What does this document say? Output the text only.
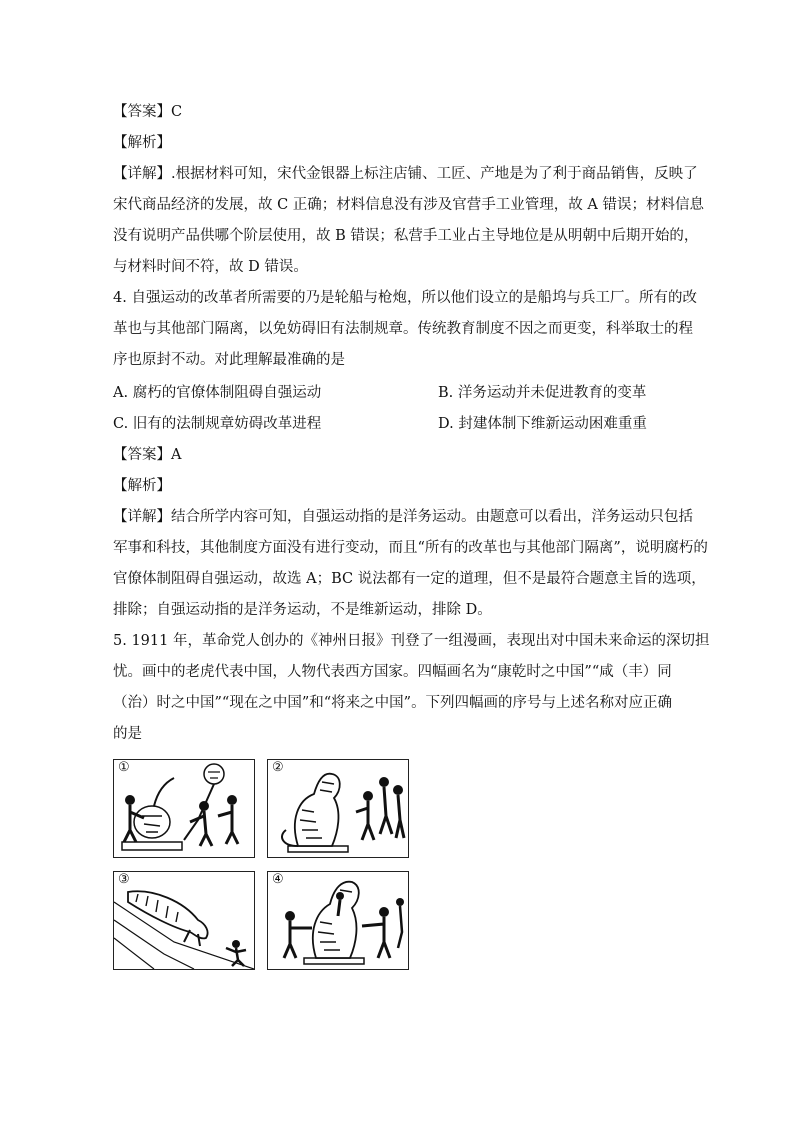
【答案】C
【解析】
【详解】.根据材料可知，宋代金银器上标注店铺、工匠、产地是为了利于商品销售，反映了
宋代商品经济的发展，故 C 正确；材料信息没有涉及官营手工业管理，故 A 错误；材料信息
没有说明产品供哪个阶层使用，故 B 错误；私营手工业占主导地位是从明朝中后期开始的，
与材料时间不符，故 D 错误。
4. 自强运动的改革者所需要的乃是轮船与枪炮，所以他们设立的是船坞与兵工厂。所有的改
革也与其他部门隔离，以免妨碍旧有法制规章。传统教育制度不因之而更变，科举取士的程
序也原封不动。对此理解最准确的是
A. 腐朽的官僚体制阻碍自强运动	B. 洋务运动并未促进教育的变革
C. 旧有的法制规章妨碍改革进程	D. 封建体制下维新运动困难重重
【答案】A
【解析】
【详解】结合所学内容可知，自强运动指的是洋务运动。由题意可以看出，洋务运动只包括
军事和科技，其他制度方面没有进行变动，而且“所有的改革也与其他部门隔离”，说明腐朽的
官僚体制阻碍自强运动，故选 A；BC 说法都有一定的道理，但不是最符合题意主旨的选项，
排除；自强运动指的是洋务运动，不是维新运动，排除 D。
5. 1911 年，革命党人创办的《神州日报》刊登了一组漫画，表现出对中国未来命运的深切担
忧。画中的老虎代表中国，人物代表西方国家。四幅画名为“康乾时之中国”“咸（丰）同
（治）时之中国”“现在之中国”和“将来之中国”。下列四幅画的序号与上述名称对应正确
的是
①	②
③	④
